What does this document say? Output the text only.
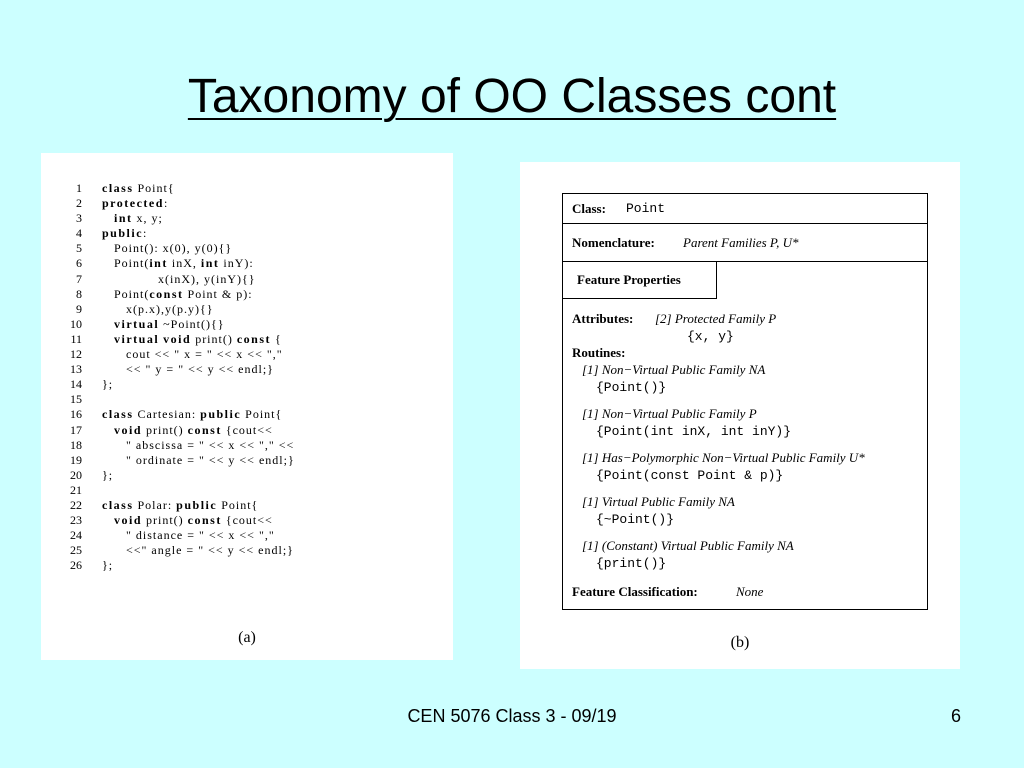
Taxonomy of OO Classes cont
1 class Point{
2 protected:
3	int x, y;
4 public:
5 Point(): x(0), y(0){}
6 Point(int inX, int inY):
7 x(inX), y(inY){}
8 Point(const Point & p):
9 x(p.x),y(p.y){}
10	virtual ~Point(){}
11	virtual void print() const {
12 cout << " x = " << x << ","
13 << " y = " << y << endl;}
14 };
15
16 class Cartesian: public Point{
17	void print() const {cout<<
18 " abscissa = " << x << "," <<
19 " ordinate = " << y << endl;}
20 };
21
22 class Polar: public Point{
23	void print() const {cout<<
24 " distance = " << x << ","
25 <<" angle = " << y << endl;}
26 };
(a)
Class: Point
Nomenclature: Parent Families P, U*
Feature Properties
Attributes: [2] Protected Family P
{x, y}
Routines:
[1] Non−Virtual Public Family NA
{Point()}
[1] Non−Virtual Public Family P
{Point(int inX, int inY)}
[1] Has−Polymorphic Non−Virtual Public Family U*
{Point(const Point & p)}
[1] Virtual Public Family NA
{~Point()}
[1] (Constant) Virtual Public Family NA
{print()}
Feature Classification:	None
(b)
CEN 5076 Class 3 - 09/19	6
